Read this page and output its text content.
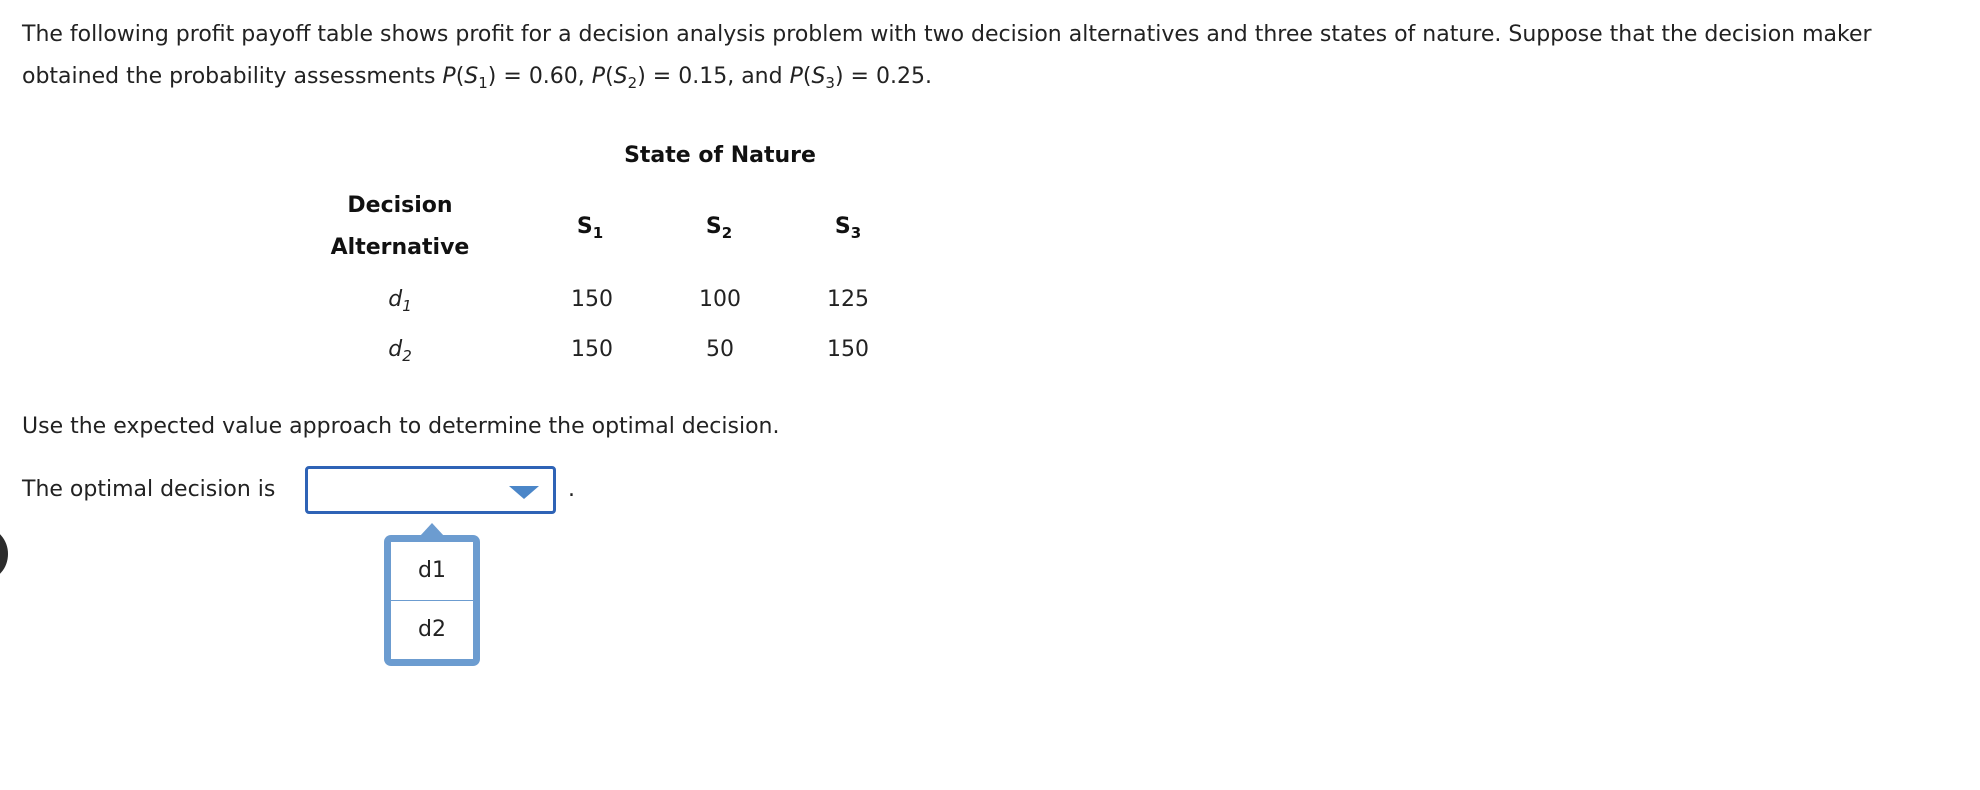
The following profit payoff table shows profit for a decision analysis problem with two decision alternatives and three states of nature. Suppose that the decision maker obtained the probability assessments $P(S_1) = 0.60$, $P(S_2) = 0.15$, and $P(S_3) = 0.25$.

State of Nature
Decision
Alternative
$S_1$	$S_2$	$S_3$
$d_1$	150	100	125
$d_2$	150	50	150
Use the expected value approach to determine the optimal decision.
The optimal decision is	.
d1
d2
